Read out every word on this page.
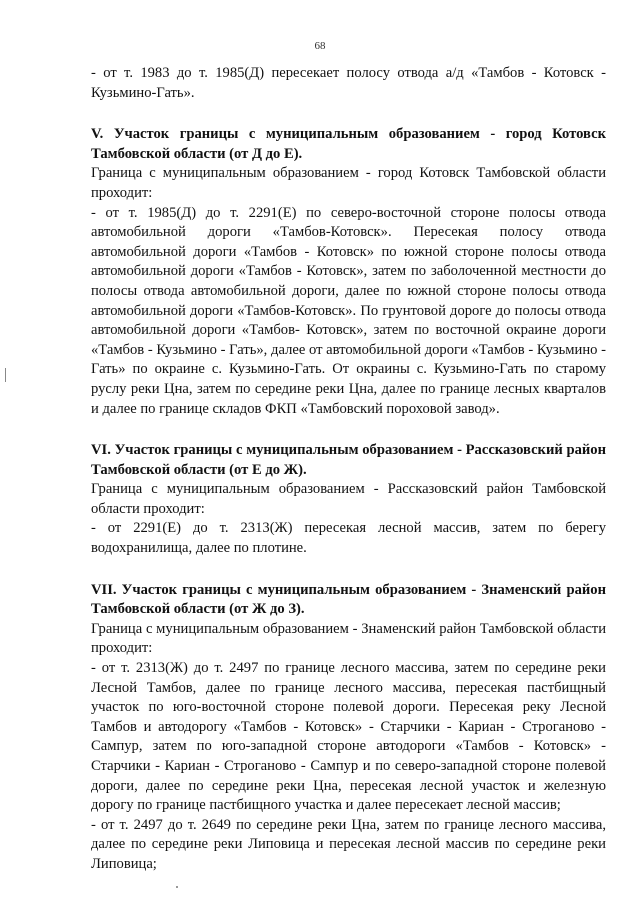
68

- от т. 1983 до т. 1985(Д) пересекает полосу отвода а/д «Тамбов - Котовск - Кузьмино-Гать».

V. Участок границы с муниципальным образованием - город Котовск Тамбовской области (от Д до Е).

Граница с муниципальным образованием - город Котовск Тамбовской области проходит:

- от т. 1985(Д) до т. 2291(Е) по северо-восточной стороне полосы отвода автомобильной дороги «Тамбов-Котовск». Пересекая полосу отвода автомобильной дороги «Тамбов - Котовск» по южной стороне полосы отвода автомобильной дороги «Тамбов - Котовск», затем по заболоченной местности до полосы отвода автомобильной дороги, далее по южной стороне полосы отвода автомобильной дороги «Тамбов-Котовск». По грунтовой дороге до полосы отвода автомобильной дороги «Тамбов- Котовск», затем по восточной окраине дороги «Тамбов - Кузьмино - Гать», далее от автомобильной дороги «Тамбов - Кузьмино - Гать» по окраине с. Кузьмино-Гать. От окраины с. Кузьмино-Гать по старому руслу реки Цна, затем по середине реки Цна, далее по границе лесных кварталов и далее по границе складов ФКП «Тамбовский пороховой завод».

VI. Участок границы с муниципальным образованием - Рассказовский район Тамбовской области (от Е до Ж).

Граница с муниципальным образованием - Рассказовский район Тамбовской области проходит:

- от 2291(Е) до т. 2313(Ж) пересекая лесной массив, затем по берегу водохранилища, далее по плотине.

VII. Участок границы с муниципальным образованием - Знаменский район Тамбовской области (от Ж до З).

Граница с муниципальным образованием - Знаменский район Тамбовской области проходит:

- от т. 2313(Ж) до т. 2497 по границе лесного массива, затем по середине реки Лесной Тамбов, далее по границе лесного массива, пересекая пастбищный участок по юго-восточной стороне полевой дороги. Пересекая реку Лесной Тамбов и автодорогу «Тамбов - Котовск» - Старчики - Кариан - Строганово - Сампур, затем по юго-западной стороне автодороги «Тамбов - Котовск» - Старчики - Кариан - Строганово - Сампур и по северо-западной стороне полевой дороги, далее по середине реки Цна, пересекая лесной участок и железную дорогу по границе пастбищного участка и далее пересекает лесной массив;

- от т. 2497 до т. 2649 по середине реки Цна, затем по границе лесного массива, далее по середине реки Липовица и пересекая лесной массив по середине реки Липовица;
